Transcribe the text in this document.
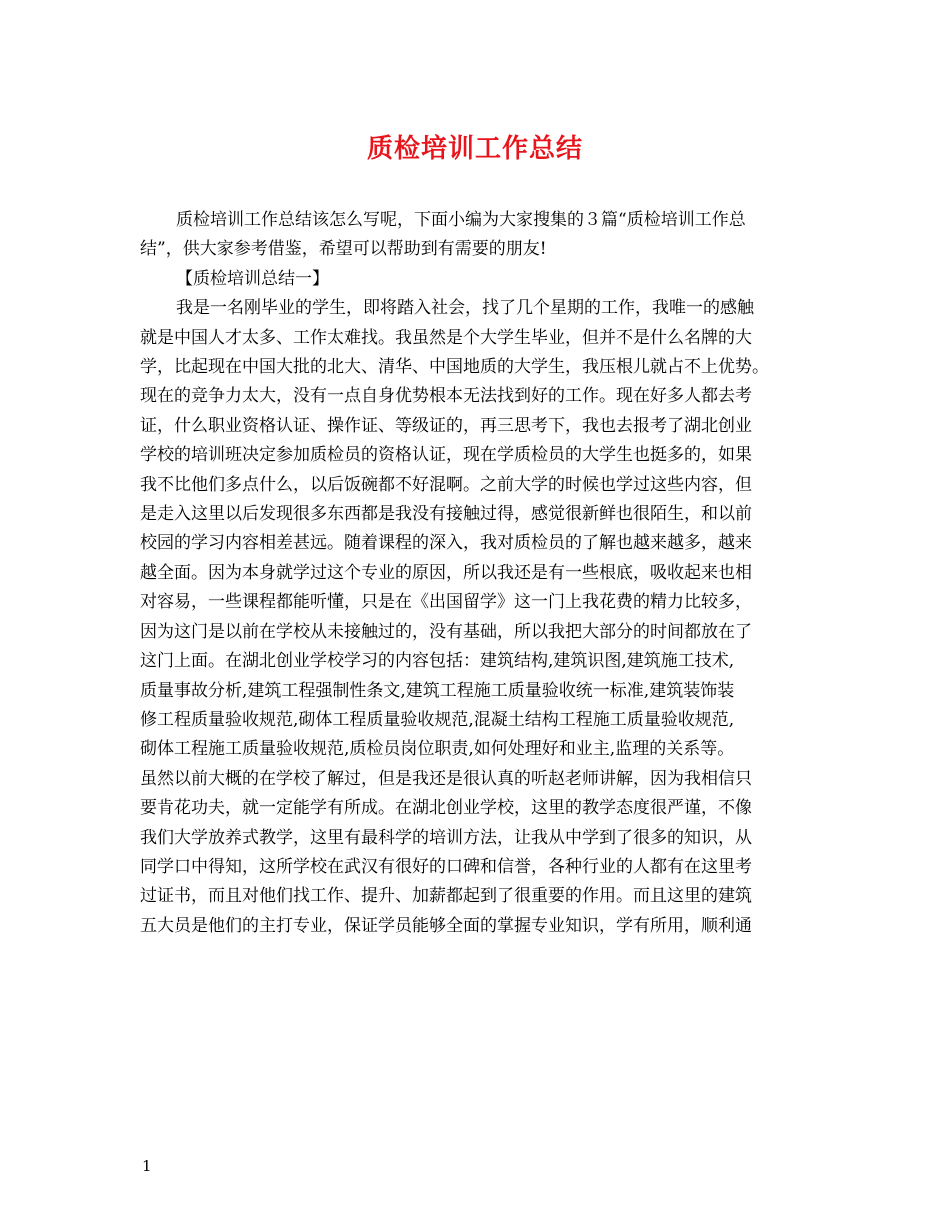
质检培训工作总结
质检培训工作总结该怎么写呢，下面小编为大家搜集的３篇“质检培训工作总
结”，供大家参考借鉴，希望可以帮助到有需要的朋友!
【质检培训总结一】
我是一名刚毕业的学生，即将踏入社会，找了几个星期的工作，我唯一的感触
就是中国人才太多、工作太难找。我虽然是个大学生毕业，但并不是什么名牌的大
学，比起现在中国大批的北大、清华、中国地质的大学生，我压根儿就占不上优势。
现在的竞争力太大，没有一点自身优势根本无法找到好的工作。现在好多人都去考
证，什么职业资格认证、操作证、等级证的，再三思考下，我也去报考了湖北创业
学校的培训班决定参加质检员的资格认证，现在学质检员的大学生也挺多的，如果
我不比他们多点什么，以后饭碗都不好混啊。之前大学的时候也学过这些内容，但
是走入这里以后发现很多东西都是我没有接触过得，感觉很新鲜也很陌生，和以前
校园的学习内容相差甚远。随着课程的深入，我对质检员的了解也越来越多，越来
越全面。因为本身就学过这个专业的原因，所以我还是有一些根底，吸收起来也相
对容易，一些课程都能听懂，只是在《出国留学》这一门上我花费的精力比较多，
因为这门是以前在学校从未接触过的，没有基础，所以我把大部分的时间都放在了
这门上面。在湖北创业学校学习的内容包括：建筑结构,建筑识图,建筑施工技术,
质量事故分析,建筑工程强制性条文,建筑工程施工质量验收统一标准,建筑装饰装
修工程质量验收规范,砌体工程质量验收规范,混凝土结构工程施工质量验收规范,
砌体工程施工质量验收规范,质检员岗位职责,如何处理好和业主,监理的关系等。
虽然以前大概的在学校了解过，但是我还是很认真的听赵老师讲解，因为我相信只
要肯花功夫，就一定能学有所成。在湖北创业学校，这里的教学态度很严谨，不像
我们大学放养式教学，这里有最科学的培训方法，让我从中学到了很多的知识，从
同学口中得知，这所学校在武汉有很好的口碑和信誉，各种行业的人都有在这里考
过证书，而且对他们找工作、提升、加薪都起到了很重要的作用。而且这里的建筑
五大员是他们的主打专业，保证学员能够全面的掌握专业知识，学有所用，顺利通
1
